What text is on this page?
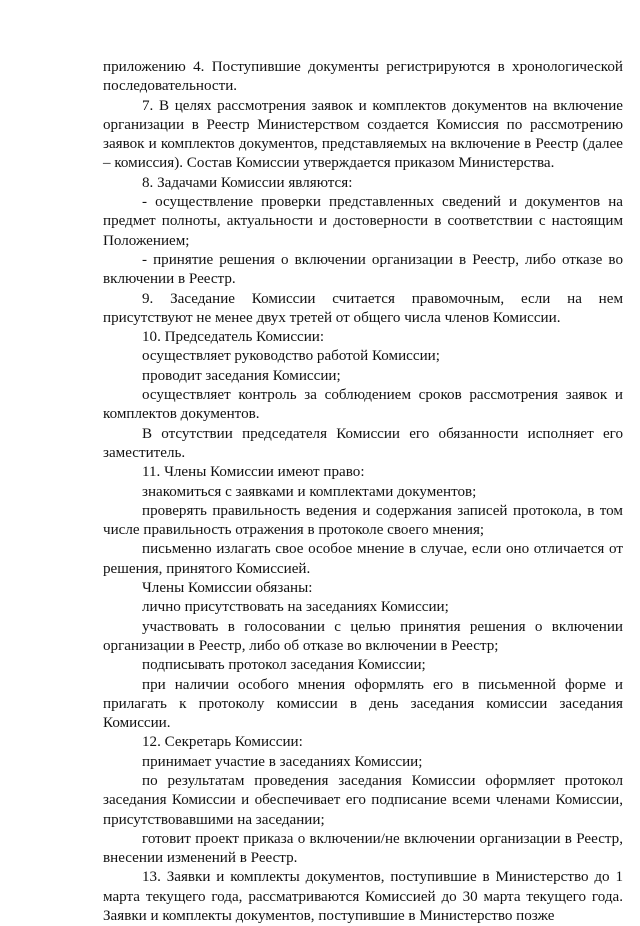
приложению 4. Поступившие документы регистрируются в хронологической последовательности.

7. В целях рассмотрения заявок и комплектов документов на включение организации в Реестр Министерством создается Комиссия по рассмотрению заявок и комплектов документов, представляемых на включение в Реестр (далее – комиссия). Состав Комиссии утверждается приказом Министерства.

8. Задачами Комиссии являются:

- осуществление проверки представленных сведений и документов на предмет полноты, актуальности и достоверности в соответствии с настоящим Положением;

- принятие решения о включении организации в Реестр, либо отказе во включении в Реестр.

9. Заседание Комиссии считается правомочным, если на нем присутствуют не менее двух третей от общего числа членов Комиссии.

10. Председатель Комиссии:

осуществляет руководство работой Комиссии;

проводит заседания Комиссии;

осуществляет контроль за соблюдением сроков рассмотрения заявок и комплектов документов.

В отсутствии председателя Комиссии его обязанности исполняет его заместитель.

11. Члены Комиссии имеют право:

знакомиться с заявками и комплектами документов;

проверять правильность ведения и содержания записей протокола, в том числе правильность отражения в протоколе своего мнения;

письменно излагать свое особое мнение в случае, если оно отличается от решения, принятого Комиссией.

Члены Комиссии обязаны:

лично присутствовать на заседаниях Комиссии;

участвовать в голосовании с целью принятия решения о включении организации в Реестр, либо об отказе во включении в Реестр;

подписывать протокол заседания Комиссии;

при наличии особого мнения оформлять его в письменной форме и прилагать к протоколу комиссии в день заседания комиссии заседания Комиссии.

12. Секретарь Комиссии:

принимает участие в заседаниях Комиссии;

по результатам проведения заседания Комиссии оформляет протокол заседания Комиссии и обеспечивает его подписание всеми членами Комиссии, присутствовавшими на заседании;

готовит проект приказа о включении/не включении организации в Реестр, внесении изменений в Реестр.

13. Заявки и комплекты документов, поступившие в Министерство до 1 марта текущего года, рассматриваются Комиссией до 30 марта текущего года. Заявки и комплекты документов, поступившие в Министерство позже
